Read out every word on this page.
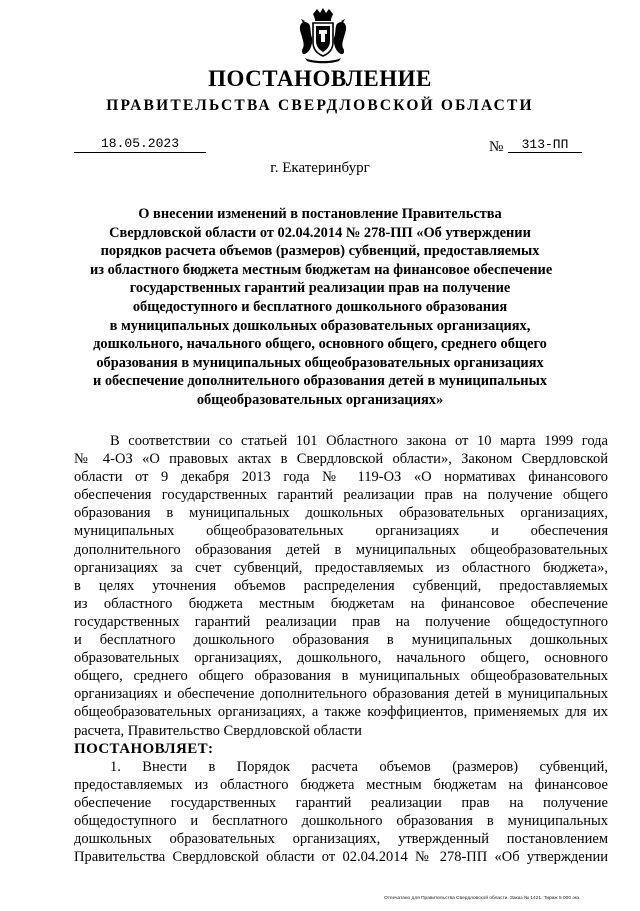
ПОСТАНОВЛЕНИЕ
ПРАВИТЕЛЬСТВА СВЕРДЛОВСКОЙ ОБЛАСТИ
18.05.2023	№	313-ПП
г. Екатеринбург
О внесении изменений в постановление Правительства
Свердловской области от 02.04.2014 № 278-ПП «Об утверждении
порядков расчета объемов (размеров) субвенций, предоставляемых
из областного бюджета местным бюджетам на финансовое обеспечение
государственных гарантий реализации прав на получение
общедоступного и бесплатного дошкольного образования
в муниципальных дошкольных образовательных организациях,
дошкольного, начального общего, основного общего, среднего общего
образования в муниципальных общеобразовательных организациях
и обеспечение дополнительного образования детей в муниципальных
общеобразовательных организациях»
В соответствии со статьей 101 Областного закона от 10 марта 1999 года
№ 4-ОЗ «О правовых актах в Свердловской области», Законом Свердловской
области от 9 декабря 2013 года № 119-ОЗ «О нормативах финансового
обеспечения государственных гарантий реализации прав на получение общего
образования в муниципальных дошкольных образовательных организациях,
муниципальных общеобразовательных организациях и обеспечения
дополнительного образования детей в муниципальных общеобразовательных
организациях за счет субвенций, предоставляемых из областного бюджета»,
в целях уточнения объемов распределения субвенций, предоставляемых
из областного бюджета местным бюджетам на финансовое обеспечение
государственных гарантий реализации прав на получение общедоступного
и бесплатного дошкольного образования в муниципальных дошкольных
образовательных организациях, дошкольного, начального общего, основного
общего, среднего общего образования в муниципальных общеобразовательных
организациях и обеспечение дополнительного образования детей в муниципальных
общеобразовательных организациях, а также коэффициентов, применяемых для их
расчета, Правительство Свердловской области
ПОСТАНОВЛЯЕТ:
1. Внести в Порядок расчета объемов (размеров) субвенций,
предоставляемых из областного бюджета местным бюджетам на финансовое
обеспечение государственных гарантий реализации прав на получение
общедоступного и бесплатного дошкольного образования в муниципальных
дошкольных образовательных организациях, утвержденный постановлением
Правительства Свердловской области от 02.04.2014 № 278-ПП «Об утверждении
Отпечатано для Правительства Свердловской области. Заказ № 1421. Тираж 5 000 экз.
